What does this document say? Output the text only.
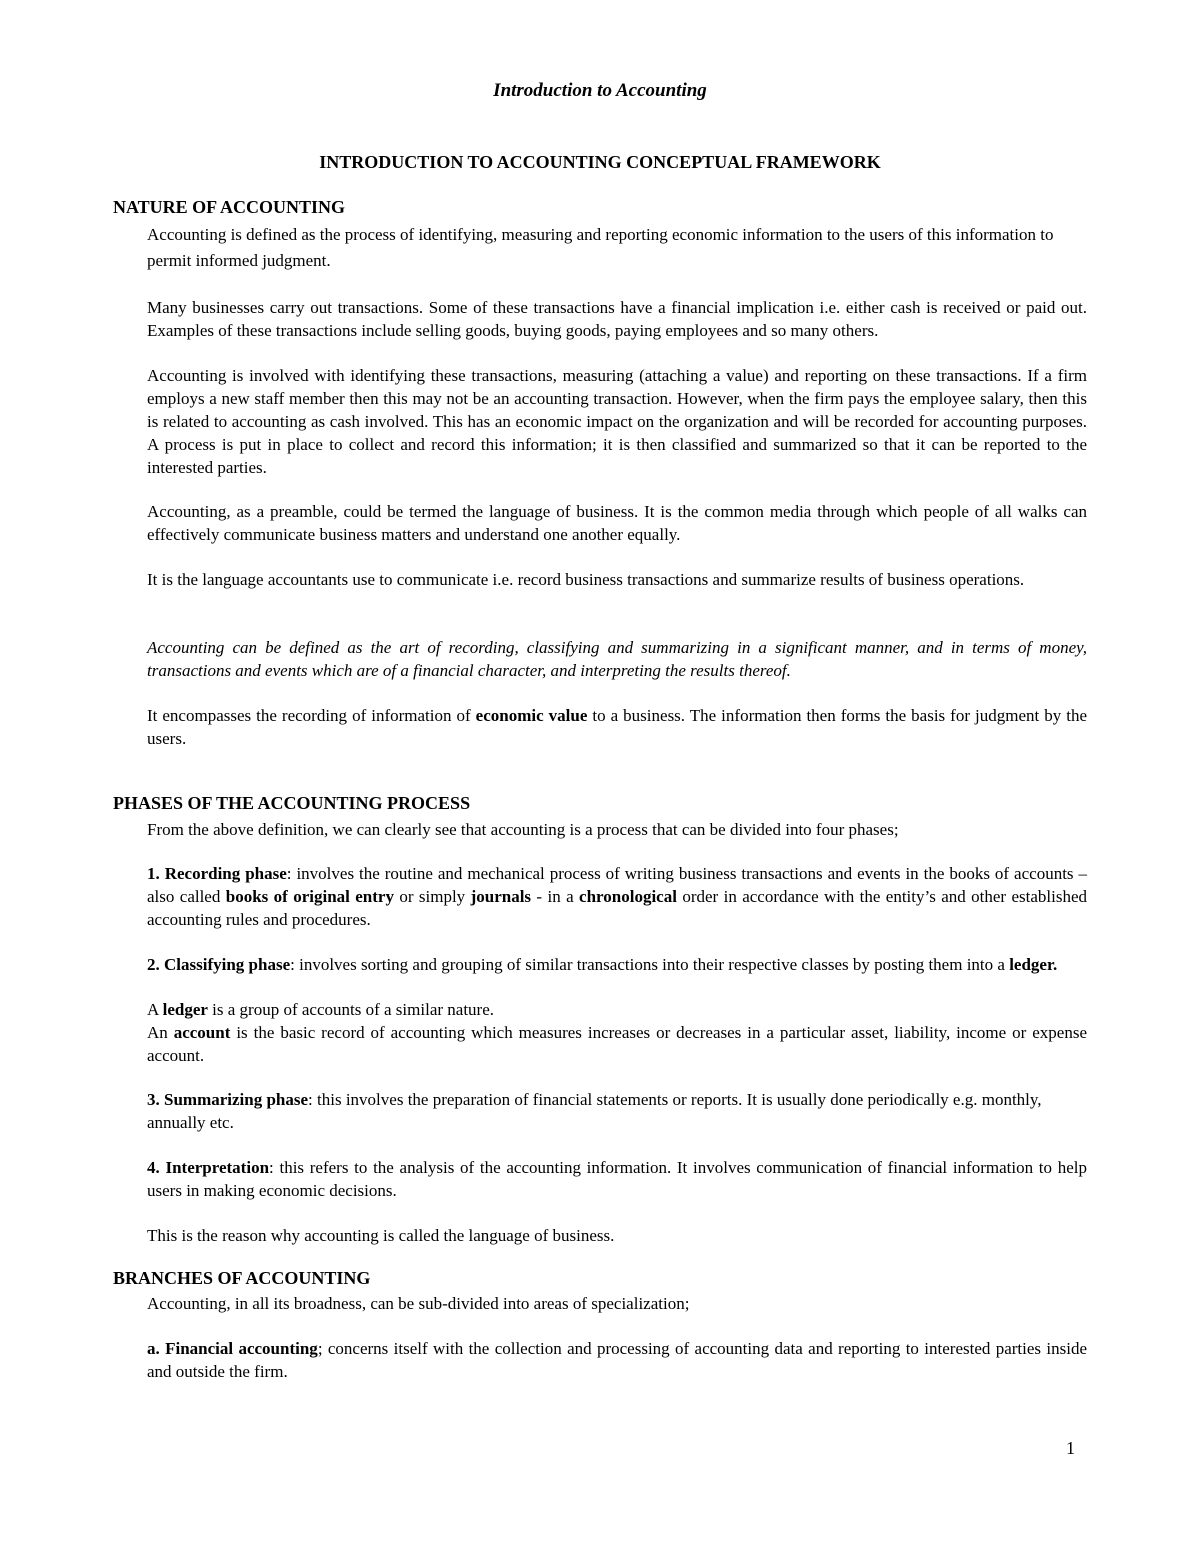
Introduction to Accounting
INTRODUCTION TO ACCOUNTING CONCEPTUAL FRAMEWORK
NATURE OF ACCOUNTING

Accounting is defined as the process of identifying, measuring and reporting economic information to the users of this information to permit informed judgment.

Many businesses carry out transactions. Some of these transactions have a financial implication i.e. either cash is received or paid out. Examples of these transactions include selling goods, buying goods, paying employees and so many others.

Accounting is involved with identifying these transactions, measuring (attaching a value) and reporting on these transactions. If a firm employs a new staff member then this may not be an accounting transaction. However, when the firm pays the employee salary, then this is related to accounting as cash involved. This has an economic impact on the organization and will be recorded for accounting purposes. A process is put in place to collect and record this information; it is then classified and summarized so that it can be reported to the interested parties.

Accounting, as a preamble, could be termed the language of business. It is the common media through which people of all walks can effectively communicate business matters and understand one another equally.

It is the language accountants use to communicate i.e. record business transactions and summarize results of business operations.

Accounting can be defined as the art of recording, classifying and summarizing in a significant manner, and in terms of money, transactions and events which are of a financial character, and interpreting the results thereof.

It encompasses the recording of information of economic value to a business. The information then forms the basis for judgment by the users.

PHASES OF THE ACCOUNTING PROCESS

From the above definition, we can clearly see that accounting is a process that can be divided into four phases;

1. Recording phase: involves the routine and mechanical process of writing business transactions and events in the books of accounts – also called books of original entry or simply journals - in a chronological order in accordance with the entity’s and other established accounting rules and procedures.

2. Classifying phase: involves sorting and grouping of similar transactions into their respective classes by posting them into a ledger.

A ledger is a group of accounts of a similar nature.

An account is the basic record of accounting which measures increases or decreases in a particular asset, liability, income or expense account.

3. Summarizing phase: this involves the preparation of financial statements or reports. It is usually done periodically e.g. monthly, annually etc.

4. Interpretation: this refers to the analysis of the accounting information. It involves communication of financial information to help users in making economic decisions.

This is the reason why accounting is called the language of business.

BRANCHES OF ACCOUNTING

Accounting, in all its broadness, can be sub-divided into areas of specialization;

a. Financial accounting; concerns itself with the collection and processing of accounting data and reporting to interested parties inside and outside the firm.

1
